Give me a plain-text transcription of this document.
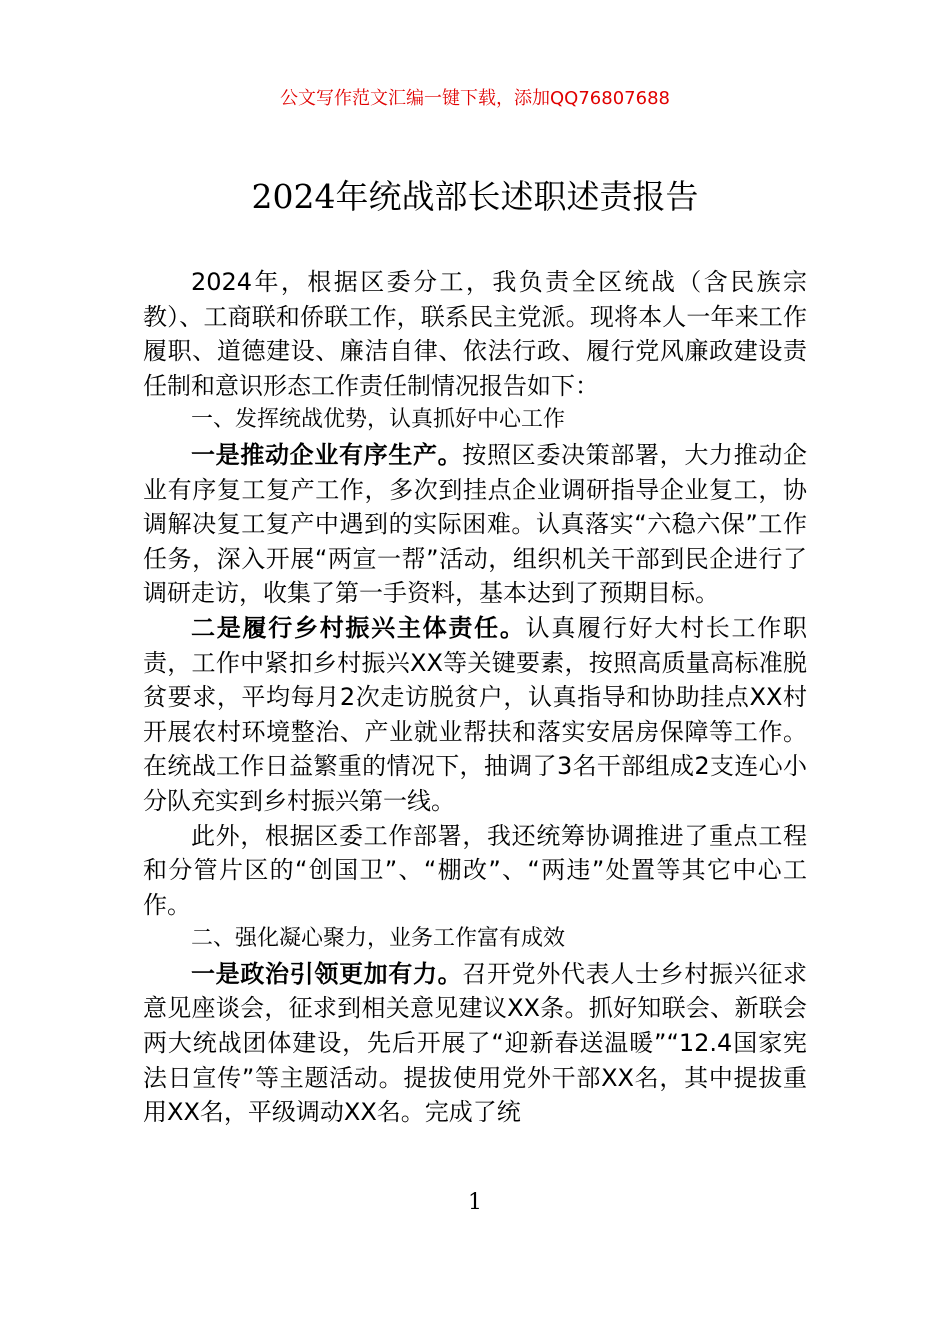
公文写作范文汇编一键下载，添加QQ76807688
2024年统战部长述职述责报告

2024年，根据区委分工，我负责全区统战（含民族宗教）、工商联和侨联工作，联系民主党派。现将本人一年来工作履职、道德建设、廉洁自律、依法行政、履行党风廉政建设责任制和意识形态工作责任制情况报告如下：

一、发挥统战优势，认真抓好中心工作

一是推动企业有序生产。按照区委决策部署，大力推动企业有序复工复产工作，多次到挂点企业调研指导企业复工，协调解决复工复产中遇到的实际困难。认真落实“六稳六保”工作任务，深入开展“两宣一帮”活动，组织机关干部到民企进行了调研走访，收集了第一手资料，基本达到了预期目标。

二是履行乡村振兴主体责任。认真履行好大村长工作职责，工作中紧扣乡村振兴XX等关键要素，按照高质量高标准脱贫要求，平均每月2次走访脱贫户，认真指导和协助挂点XX村开展农村环境整治、产业就业帮扶和落实安居房保障等工作。在统战工作日益繁重的情况下，抽调了3名干部组成2支连心小分队充实到乡村振兴第一线。

此外，根据区委工作部署，我还统筹协调推进了重点工程和分管片区的“创国卫”、“棚改”、“两违”处置等其它中心工作。

二、强化凝心聚力，业务工作富有成效

一是政治引领更加有力。召开党外代表人士乡村振兴征求意见座谈会，征求到相关意见建议XX条。抓好知联会、新联会两大统战团体建设，先后开展了“迎新春送温暖”“12.4国家宪法日宣传”等主题活动。提拔使用党外干部XX名，其中提拔重用XX名，平级调动XX名。完成了统

1
